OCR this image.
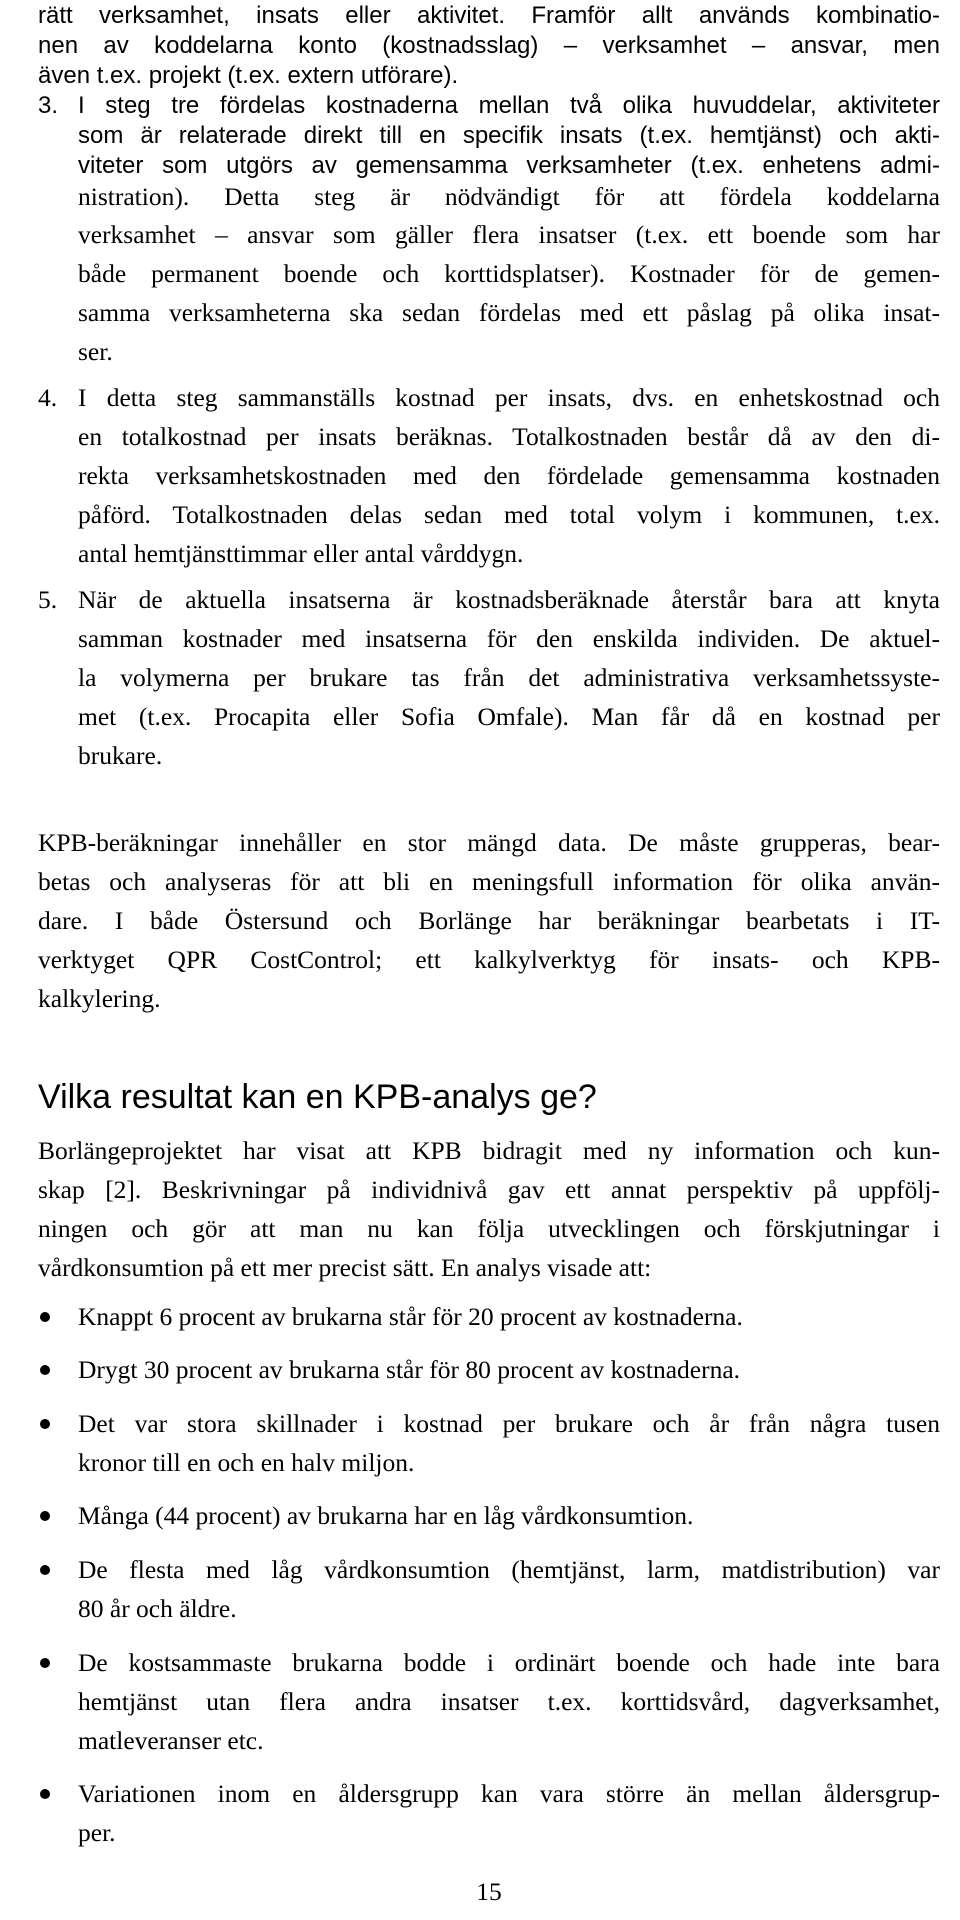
rätt verksamhet, insats eller aktivitet. Framför allt används kombinatio-
nen av koddelarna konto (kostnadsslag) – verksamhet – ansvar, men
även t.ex. projekt (t.ex. extern utförare).
3. I steg tre fördelas kostnaderna mellan två olika huvuddelar, aktiviteter
som är relaterade direkt till en specifik insats (t.ex. hemtjänst) och akti-
viteter som utgörs av gemensamma verksamheter (t.ex. enhetens admi-
nistration). Detta steg är nödvändigt för att fördela koddelarna
verksamhet – ansvar som gäller flera insatser (t.ex. ett boende som har
både permanent boende och korttidsplatser). Kostnader för de gemen-
samma verksamheterna ska sedan fördelas med ett påslag på olika insat-
ser.
4. I detta steg sammanställs kostnad per insats, dvs. en enhetskostnad och
en totalkostnad per insats beräknas. Totalkostnaden består då av den di-
rekta verksamhetskostnaden med den fördelade gemensamma kostnaden
påförd. Totalkostnaden delas sedan med total volym i kommunen, t.ex.
antal hemtjänsttimmar eller antal vårddygn.
5. När de aktuella insatserna är kostnadsberäknade återstår bara att knyta
samman kostnader med insatserna för den enskilda individen. De aktuel-
la volymerna per brukare tas från det administrativa verksamhetssyste-
met (t.ex. Procapita eller Sofia Omfale). Man får då en kostnad per
brukare.
KPB-beräkningar innehåller en stor mängd data. De måste grupperas, bear-
betas och analyseras för att bli en meningsfull information för olika använ-
dare. I både Östersund och Borlänge har beräkningar bearbetats i IT-
verktyget QPR CostControl; ett kalkylverktyg för insats- och KPB-
kalkylering.
Vilka resultat kan en KPB-analys ge?
Borlängeprojektet har visat att KPB bidragit med ny information och kun-
skap [2]. Beskrivningar på individnivå gav ett annat perspektiv på uppfölj-
ningen och gör att man nu kan följa utvecklingen och förskjutningar i
vårdkonsumtion på ett mer precist sätt. En analys visade att:
Knappt 6 procent av brukarna står för 20 procent av kostnaderna.
Drygt 30 procent av brukarna står för 80 procent av kostnaderna.
Det var stora skillnader i kostnad per brukare och år från några tusen
kronor till en och en halv miljon.
Många (44 procent) av brukarna har en låg vårdkonsumtion.
De flesta med låg vårdkonsumtion (hemtjänst, larm, matdistribution) var
80 år och äldre.
De kostsammaste brukarna bodde i ordinärt boende och hade inte bara
hemtjänst utan flera andra insatser t.ex. korttidsvård, dagverksamhet,
matleveranser etc.
Variationen inom en åldersgrupp kan vara större än mellan åldersgrup-
per.
15
